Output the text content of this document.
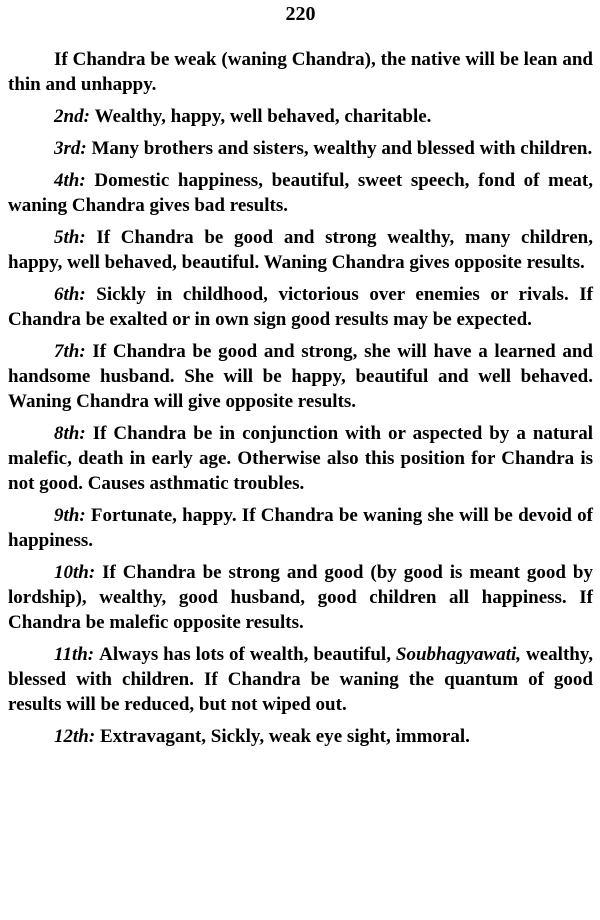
220

If Chandra be weak (waning Chandra), the native will be lean and thin and unhappy.

2nd: Wealthy, happy, well behaved, charitable.

3rd: Many brothers and sisters, wealthy and blessed with children.

4th: Domestic happiness, beautiful, sweet speech, fond of meat, waning Chandra gives bad results.

5th: If Chandra be good and strong wealthy, many children, happy, well behaved, beautiful. Waning Chandra gives opposite results.

6th: Sickly in childhood, victorious over enemies or rivals. If Chandra be exalted or in own sign good results may be expected.

7th: If Chandra be good and strong, she will have a learned and handsome husband. She will be happy, beautiful and well behaved. Waning Chandra will give opposite results.

8th: If Chandra be in conjunction with or aspected by a natural malefic, death in early age. Otherwise also this position for Chandra is not good. Causes asthmatic troubles.

9th: Fortunate, happy. If Chandra be waning she will be devoid of happiness.

10th: If Chandra be strong and good (by good is meant good by lordship), wealthy, good husband, good children all happiness. If Chandra be malefic opposite results.

11th: Always has lots of wealth, beautiful, Soubhagyawati, wealthy, blessed with children. If Chandra be waning the quantum of good results will be reduced, but not wiped out.

12th: Extravagant, Sickly, weak eye sight, immoral.
